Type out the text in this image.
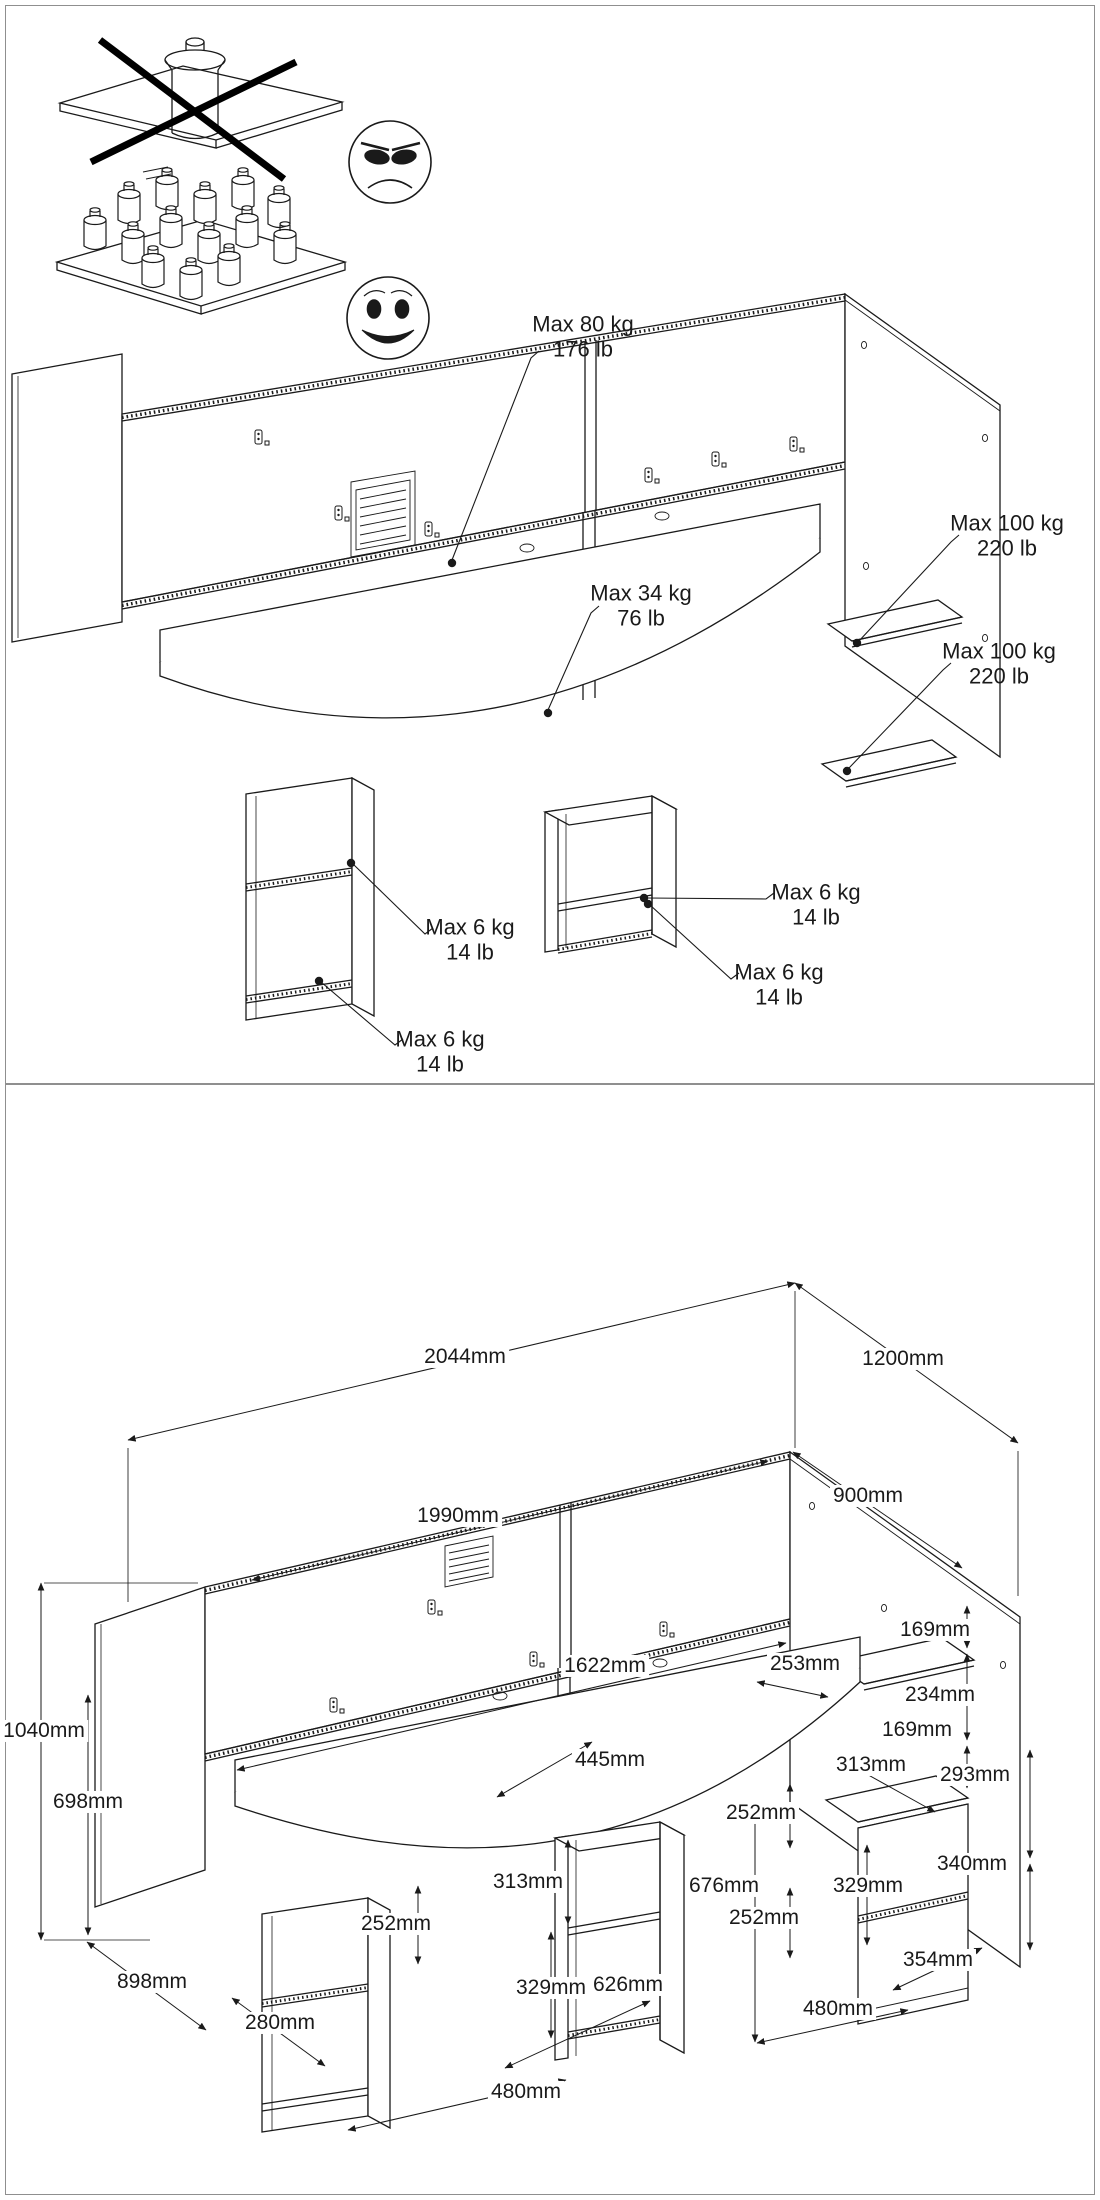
Max 80 kg
176 lb
Max 34 kg
76 lb
Max 100 kg
220 lb
Max 100 kg
220 lb
Max 6 kg
14 lb
Max 6 kg
14 lb
Max 6 kg
14 lb
Max 6 kg
14 lb
2044mm	1200mm
1990mm
900mm
1622mm	253mm
169mm
234mm
169mm
313mm 293mm
445mm
252mm
313mm	676mm	329mm
340mm
252mm
252mm
354mm
329mm 626mm
480mm
898mm
280mm
480mm
698mm
1040mm
